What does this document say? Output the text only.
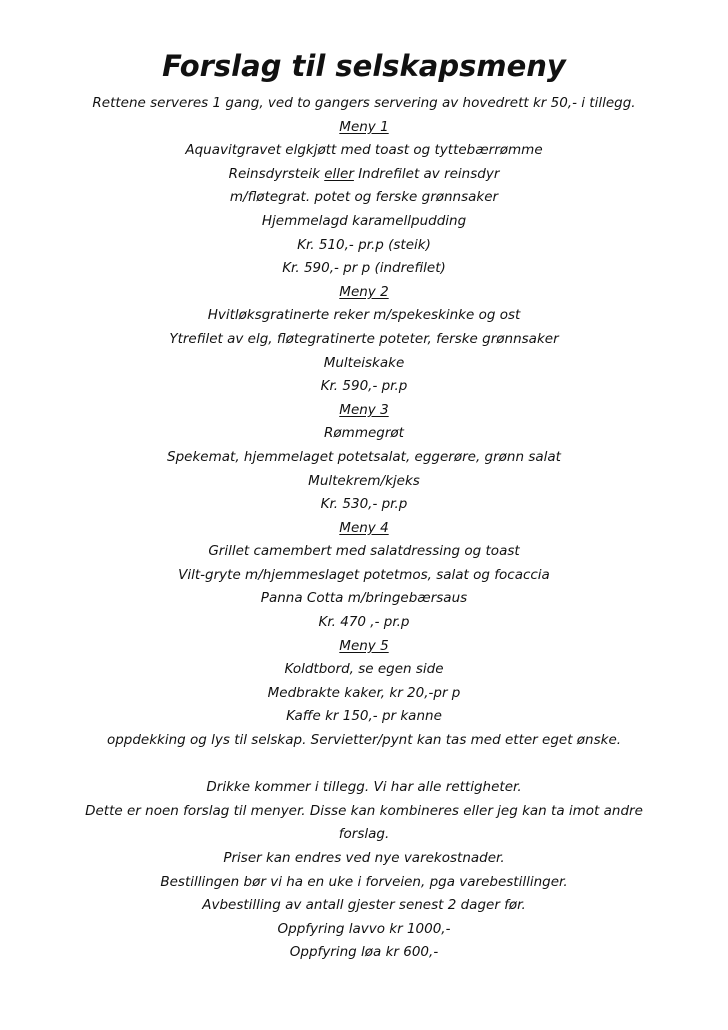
Forslag til selskapsmeny
Rettene serveres 1 gang, ved to gangers servering av hovedrett kr 50,- i tillegg.
Meny 1
Aquavitgravet elgkjøtt med toast og tyttebærrømme
Reinsdyrsteik eller Indrefilet av reinsdyr
m/fløtegrat. potet og ferske grønnsaker
Hjemmelagd karamellpudding
Kr. 510,- pr.p (steik)
Kr. 590,- pr p (indrefilet)
Meny 2
Hvitløksgratinerte reker m/spekeskinke og ost
Ytrefilet av elg, fløtegratinerte poteter, ferske grønnsaker
Multeiskake
Kr. 590,- pr.p
Meny 3
Rømmegrøt
Spekemat, hjemmelaget potetsalat, eggerøre, grønn salat
Multekrem/kjeks
Kr. 530,- pr.p
Meny 4
Grillet camembert med salatdressing og toast
Vilt-gryte m/hjemmeslaget potetmos, salat og focaccia
Panna Cotta m/bringebærsaus
Kr. 470 ,- pr.p
Meny 5
Koldtbord, se egen side
Medbrakte kaker, kr 20,-pr p
Kaffe kr 150,- pr kanne
oppdekking og lys til selskap. Servietter/pynt kan tas med etter eget ønske.
Drikke kommer i tillegg. Vi har alle rettigheter.
Dette er noen forslag til menyer. Disse kan kombineres eller jeg kan ta imot andre
forslag.
Priser kan endres ved nye varekostnader.
Bestillingen bør vi ha en uke i forveien, pga varebestillinger.
Avbestilling av antall gjester senest 2 dager før.
Oppfyring lavvo kr 1000,-
Oppfyring løa kr 600,-
